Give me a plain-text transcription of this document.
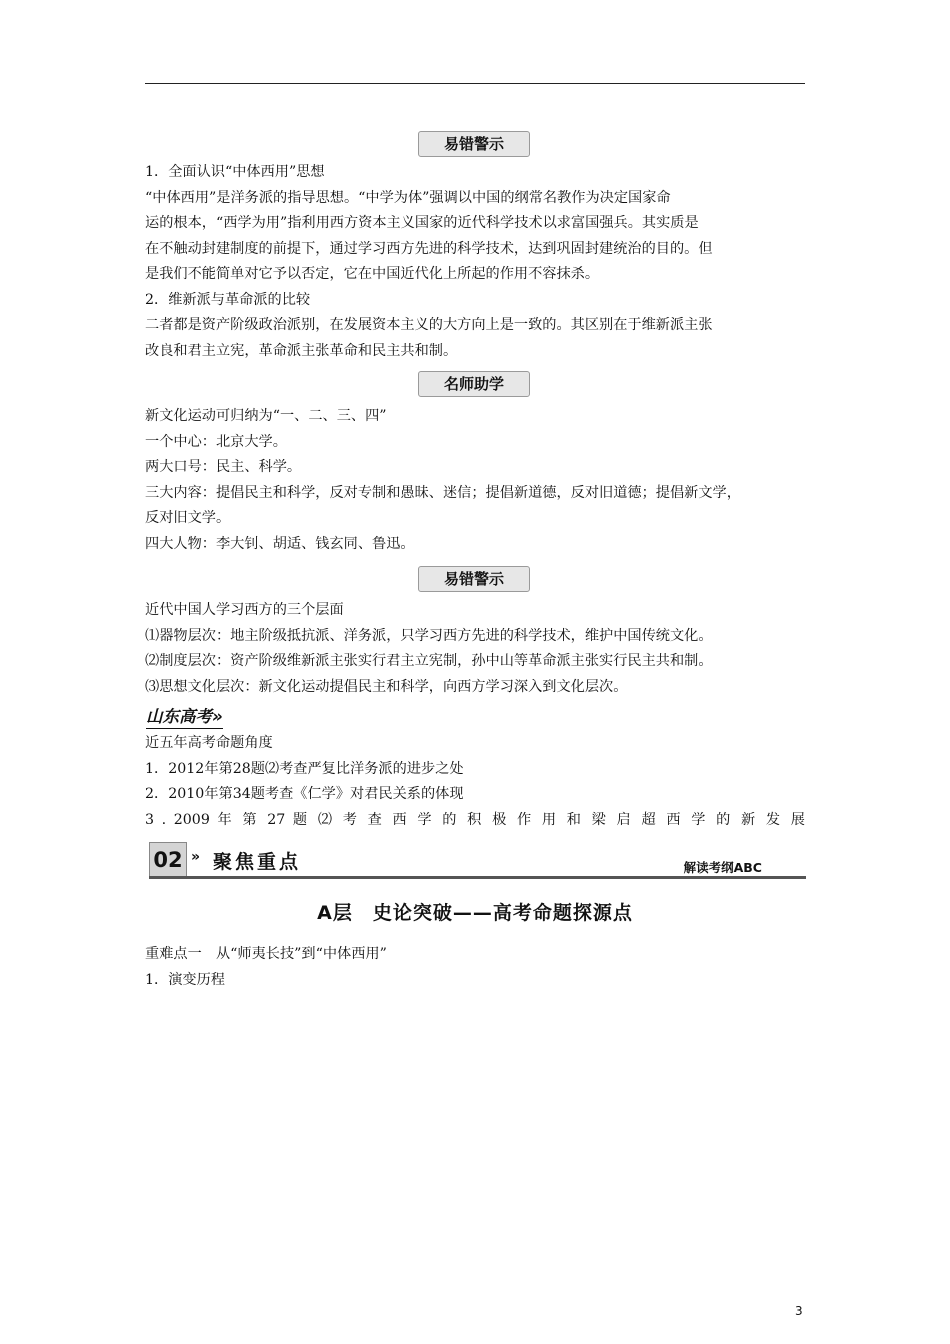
易错警示

1．全面认识“中体西用”思想

“中体西用”是洋务派的指导思想。“中学为体”强调以中国的纲常名教作为决定国家命

运的根本，“西学为用”指利用西方资本主义国家的近代科学技术以求富国强兵。其实质是

在不触动封建制度的前提下，通过学习西方先进的科学技术，达到巩固封建统治的目的。但

是我们不能简单对它予以否定，它在中国近代化上所起的作用不容抹杀。

2．维新派与革命派的比较

二者都是资产阶级政治派别，在发展资本主义的大方向上是一致的。其区别在于维新派主张

改良和君主立宪，革命派主张革命和民主共和制。

名师助学

新文化运动可归纳为“一、二、三、四”

一个中心：北京大学。

两大口号：民主、科学。

三大内容：提倡民主和科学，反对专制和愚昧、迷信；提倡新道德，反对旧道德；提倡新文学，

反对旧文学。

四大人物：李大钊、胡适、钱玄同、鲁迅。

易错警示

近代中国人学习西方的三个层面

⑴器物层次：地主阶级抵抗派、洋务派，只学习西方先进的科学技术，维护中国传统文化。

⑵制度层次：资产阶级维新派主张实行君主立宪制，孙中山等革命派主张实行民主共和制。

⑶思想文化层次：新文化运动提倡民主和科学，向西方学习深入到文化层次。

山东高考»

近五年高考命题角度

1．2012年第28题⑵考查严复比洋务派的进步之处

2．2010年第34题考查《仁学》对君民关系的体现

3 . 2009 年 第 27 题 ⑵ 考 查 西 学 的 积 极 作 用 和 梁 启 超 西 学 的 新 发 展

02 » 聚焦重点	解读考纲ABC
A层　史论突破——高考命题探源点

重难点一　从“师夷长技”到“中体西用”

1．演变历程

3
